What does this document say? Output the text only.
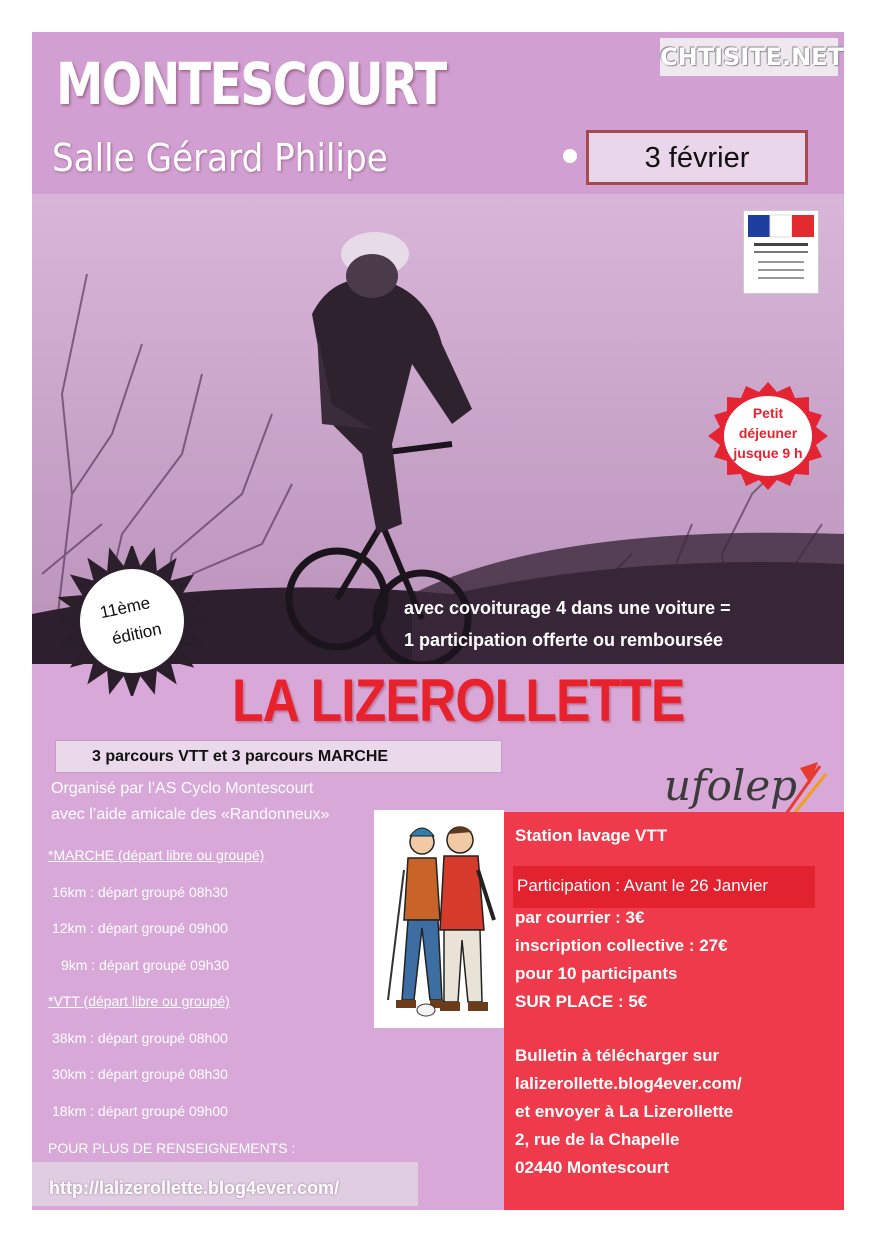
MONTESCOURT
Salle Gérard Philipe
CHTISITE.NET
3 février
Petit
déjeuner
jusque 9 h
avec covoiturage 4 dans une voiture =
1 participation offerte ou remboursée
11ème
édition
LA LIZEROLLETTE
3 parcours VTT et 3 parcours MARCHE
Organisé par l’AS Cyclo Montescourt
avec l’aide amicale des «Randonneux»
ufolep
*MARCHE (départ libre ou groupé)
16km : départ groupé 08h30
12km : départ groupé 09h00
9km : départ groupé 09h30
*VTT (départ libre ou groupé)
38km : départ groupé 08h00
30km : départ groupé 08h30
18km : départ groupé 09h00
POUR PLUS DE RENSEIGNEMENTS :
http://lalizerollette.blog4ever.com/
Station lavage VTT
Participation : Avant le 26 Janvier
par courrier : 3€
inscription collective : 27€
pour 10 participants
SUR PLACE : 5€
Bulletin à télécharger sur
lalizerollette.blog4ever.com/
et envoyer à La Lizerollette
2, rue de la Chapelle
02440 Montescourt
